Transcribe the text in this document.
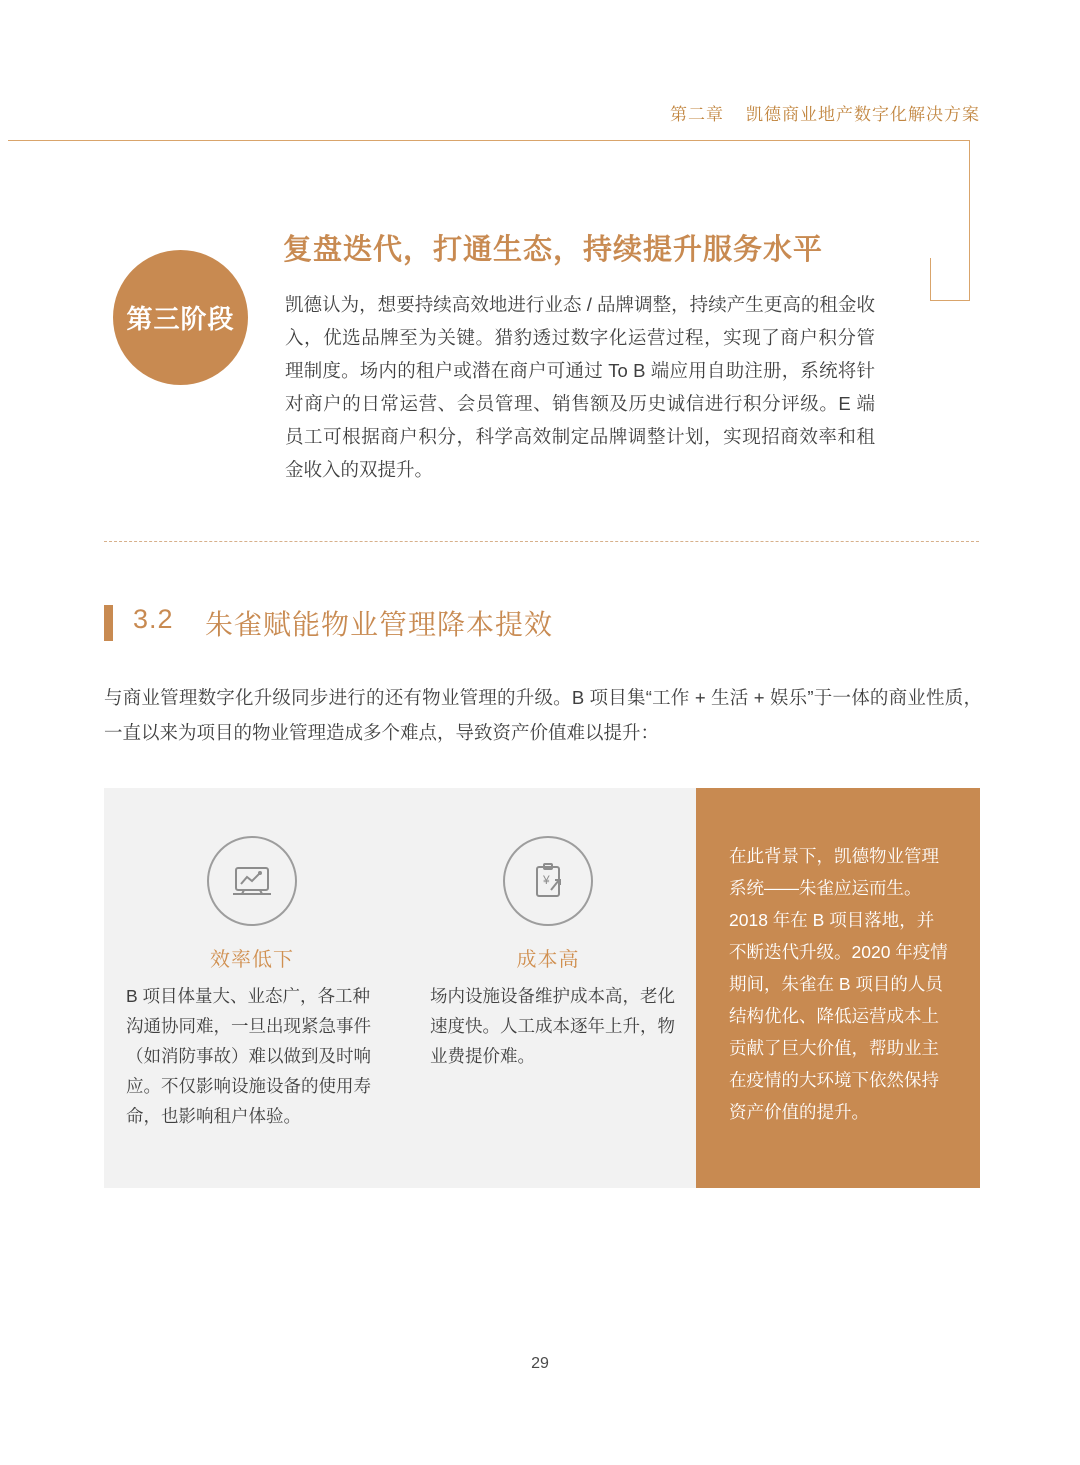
第二章 凯德商业地产数字化解决方案
第三阶段
复盘迭代，打通生态，持续提升服务水平
凯德认为，想要持续高效地进行业态 / 品牌调整，持续产生更高的租金收入，优选品牌至为关键。猎豹透过数字化运营过程，实现了商户积分管理制度。场内的租户或潜在商户可通过 To B 端应用自助注册，系统将针对商户的日常运营、会员管理、销售额及历史诚信进行积分评级。E 端员工可根据商户积分，科学高效制定品牌调整计划，实现招商效率和租金收入的双提升。
3.2 朱雀赋能物业管理降本提效
与商业管理数字化升级同步进行的还有物业管理的升级。B 项目集“工作 + 生活 + 娱乐”于一体的商业性质，一直以来为项目的物业管理造成多个难点，导致资产价值难以提升：
效率低下
B 项目体量大、业态广，各工种沟通协同难，一旦出现紧急事件（如消防事故）难以做到及时响应。不仅影响设施设备的使用寿命，也影响租户体验。
¥
成本高
场内设施设备维护成本高，老化速度快。人工成本逐年上升，物业费提价难。
在此背景下，凯德物业管理系统——朱雀应运而生。2018 年在 B 项目落地，并不断迭代升级。2020 年疫情期间，朱雀在 B 项目的人员结构优化、降低运营成本上贡献了巨大价值，帮助业主在疫情的大环境下依然保持资产价值的提升。
29
